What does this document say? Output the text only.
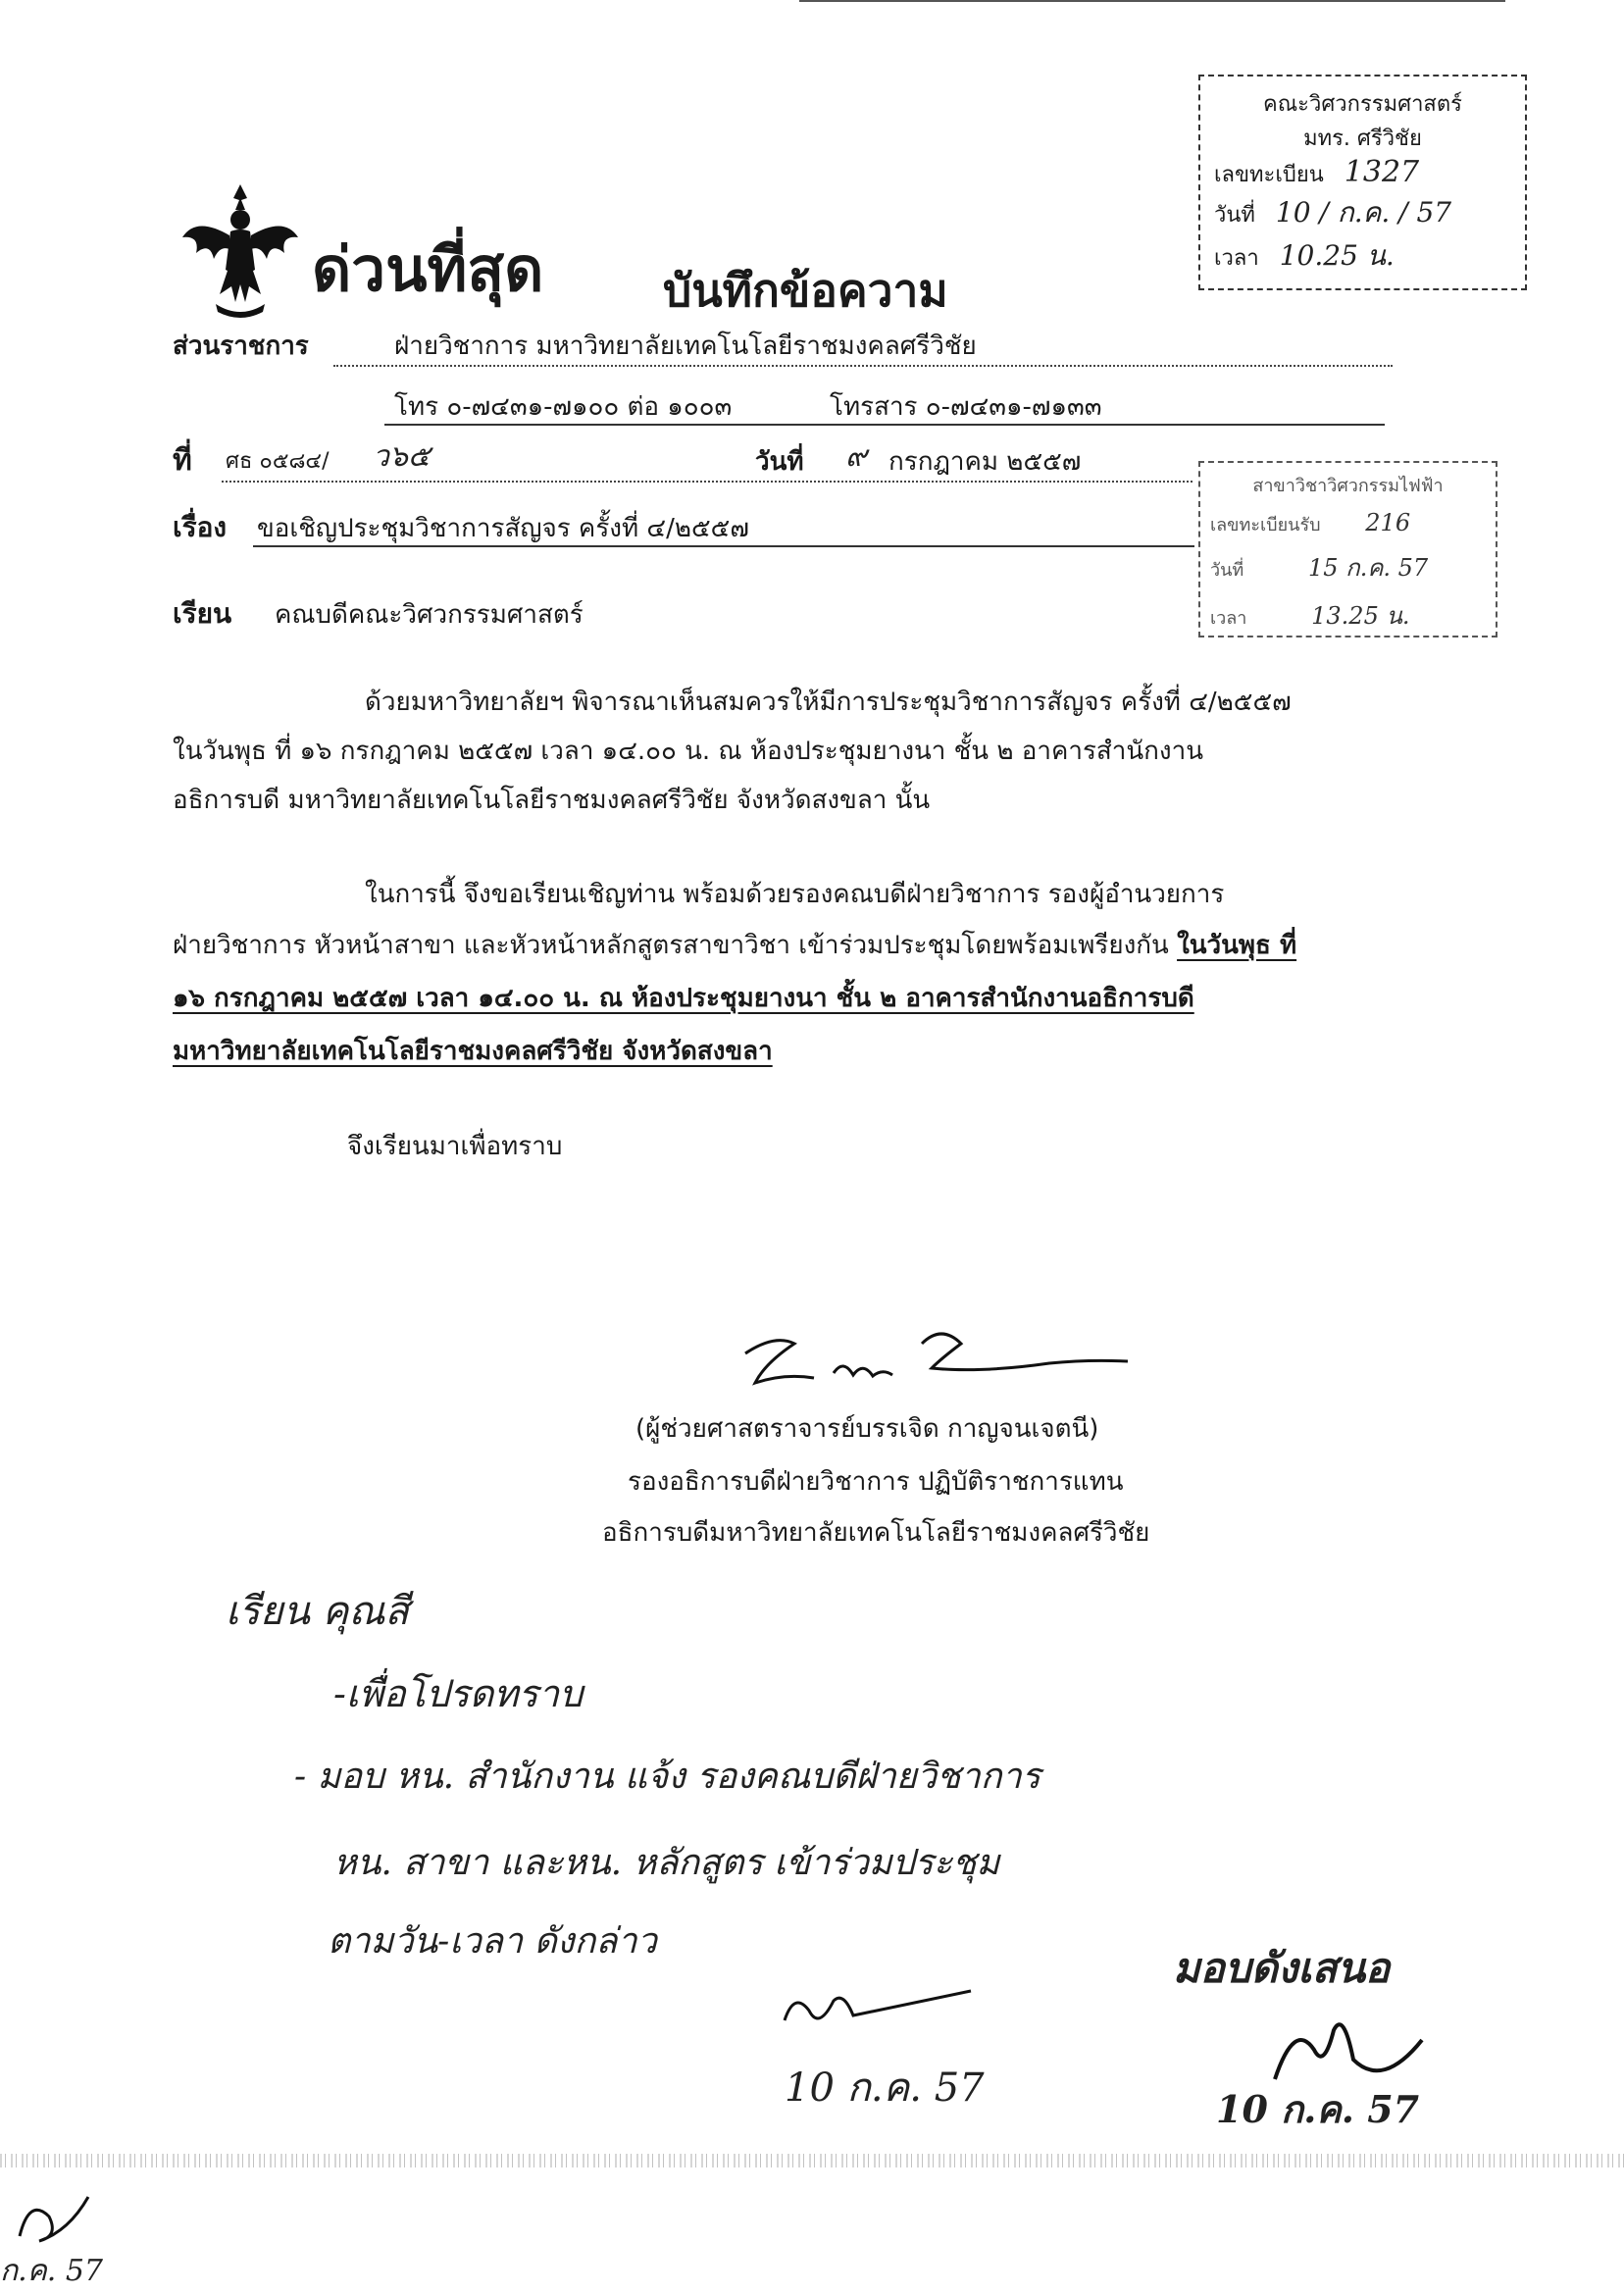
คณะวิศวกรรมศาสตร์
มทร. ศรีวิชัย
เลขทะเบียน 1327
วันที่ 10 / ก.ค. / 57
เวลา 10.25 น.
ด่วนที่สุด	บันทึกข้อความ
ส่วนราชการ	ฝ่ายวิชาการ มหาวิทยาลัยเทคโนโลยีราชมงคลศรีวิชัย
โทร ๐-๗๔๓๑-๗๑๐๐ ต่อ ๑๐๐๓	โทรสาร ๐-๗๔๓๑-๗๑๓๓
ที่ ศธ ๐๕๘๔/ ว๖๕	วันที่ ๙ กรกฎาคม ๒๕๕๗
สาขาวิชาวิศวกรรมไฟฟ้า
เลขทะเบียนรับ 216
วันที่	15 ก.ค. 57
เวลา	13.25 น.
เรื่อง ขอเชิญประชุมวิชาการสัญจร ครั้งที่ ๔/๒๕๕๗
เรียน คณบดีคณะวิศวกรรมศาสตร์
ด้วยมหาวิทยาลัยฯ พิจารณาเห็นสมควรให้มีการประชุมวิชาการสัญจร ครั้งที่ ๔/๒๕๕๗
ในวันพุธ ที่ ๑๖ กรกฎาคม ๒๕๕๗ เวลา ๑๔.๐๐ น. ณ ห้องประชุมยางนา ชั้น ๒ อาคารสำนักงาน
อธิการบดี มหาวิทยาลัยเทคโนโลยีราชมงคลศรีวิชัย จังหวัดสงขลา นั้น
ในการนี้ จึงขอเรียนเชิญท่าน พร้อมด้วยรองคณบดีฝ่ายวิชาการ รองผู้อำนวยการ
ฝ่ายวิชาการ หัวหน้าสาขา และหัวหน้าหลักสูตรสาขาวิชา เข้าร่วมประชุมโดยพร้อมเพรียงกัน ในวันพุธ ที่
๑๖ กรกฎาคม ๒๕๕๗ เวลา ๑๔.๐๐ น. ณ ห้องประชุมยางนา ชั้น ๒ อาคารสำนักงานอธิการบดี
มหาวิทยาลัยเทคโนโลยีราชมงคลศรีวิชัย จังหวัดสงขลา
จึงเรียนมาเพื่อทราบ
(ผู้ช่วยศาสตราจารย์บรรเจิด กาญจนเจตนี)
รองอธิการบดีฝ่ายวิชาการ ปฏิบัติราชการแทน
อธิการบดีมหาวิทยาลัยเทคโนโลยีราชมงคลศรีวิชัย
เรียน คุณสี
-เพื่อโปรดทราบ
- มอบ หน. สำนักงาน แจ้ง รองคณบดีฝ่ายวิชาการ
หน. สาขา และหน. หลักสูตร เข้าร่วมประชุม
ตามวัน-เวลา ดังกล่าว
10 ก.ค. 57
มอบดังเสนอ
10 ก.ค. 57
ก.ค. 57
